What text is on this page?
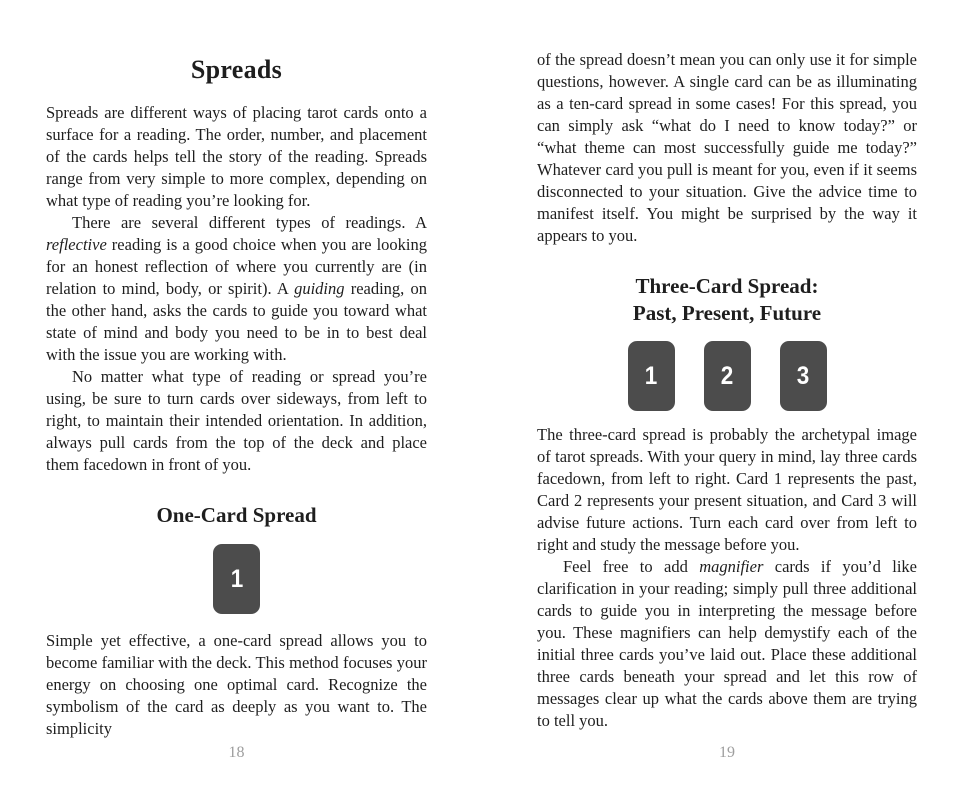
Spreads

Spreads are different ways of placing tarot cards onto a surface for a reading. The order, number, and placement of the cards helps tell the story of the reading. Spreads range from very simple to more complex, depending on what type of reading you’re looking for.

There are several different types of readings. A reflective reading is a good choice when you are looking for an honest reflection of where you currently are (in relation to mind, body, or spirit). A guiding reading, on the other hand, asks the cards to guide you toward what state of mind and body you need to be in to best deal with the issue you are working with.

No matter what type of reading or spread you’re using, be sure to turn cards over sideways, from left to right, to maintain their intended orientation. In addition, always pull cards from the top of the deck and place them facedown in front of you.

One-Card Spread
1

Simple yet effective, a one-card spread allows you to become familiar with the deck. This method focuses your energy on choosing one optimal card. Recognize the symbolism of the card as deeply as you want to. The simplicity

18

of the spread doesn’t mean you can only use it for simple questions, however. A single card can be as illuminating as a ten-card spread in some cases! For this spread, you can simply ask “what do I need to know today?” or “what theme can most successfully guide me today?” Whatever card you pull is meant for you, even if it seems disconnected to your situation. Give the advice time to manifest itself. You might be surprised by the way it appears to you.

Three-Card Spread:
Past, Present, Future
1	2	3

The three-card spread is probably the archetypal image of tarot spreads. With your query in mind, lay three cards facedown, from left to right. Card 1 represents the past, Card 2 represents your present situation, and Card 3 will advise future actions. Turn each card over from left to right and study the message before you.

Feel free to add magnifier cards if you’d like clarification in your reading; simply pull three additional cards to guide you in interpreting the message before you. These magnifiers can help demystify each of the initial three cards you’ve laid out. Place these additional three cards beneath your spread and let this row of messages clear up what the cards above them are trying to tell you.

19
